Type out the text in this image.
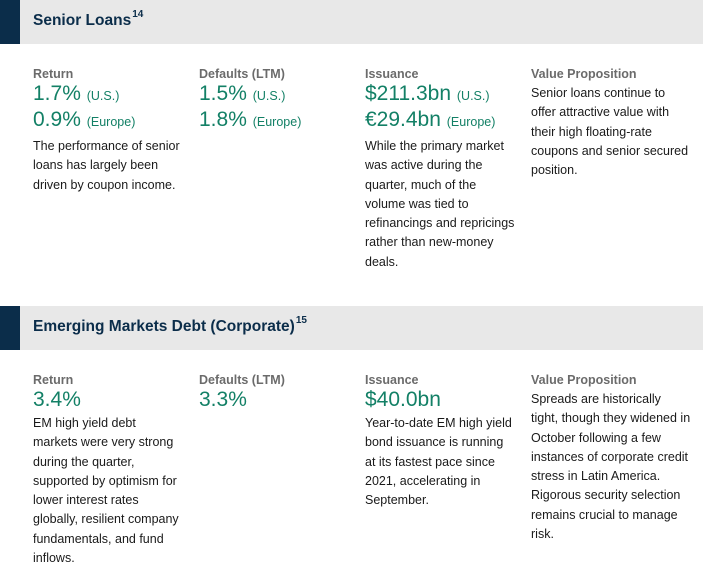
Senior Loans$^{14}$
Return
1.7% (U.S.)
0.9% (Europe)
The performance of senior loans has largely been driven by coupon income.
Defaults (LTM)
1.5% (U.S.)
1.8% (Europe)
Issuance
$211.3bn (U.S.)
€29.4bn (Europe)
While the primary market was active during the quarter, much of the volume was tied to refinancings and repricings rather than new-money deals.
Value Proposition
Senior loans continue to offer attractive value with their high floating-rate coupons and senior secured position.
Emerging Markets Debt (Corporate)$^{15}$
Return
3.4%
EM high yield debt markets were very strong during the quarter, supported by optimism for lower interest rates globally, resilient company fundamentals, and fund inflows.
Defaults (LTM)
3.3%
Issuance
$40.0bn
Year-to-date EM high yield bond issuance is running at its fastest pace since 2021, accelerating in September.
Value Proposition
Spreads are historically tight, though they widened in October following a few instances of corporate credit stress in Latin America. Rigorous security selection remains crucial to manage risk.
